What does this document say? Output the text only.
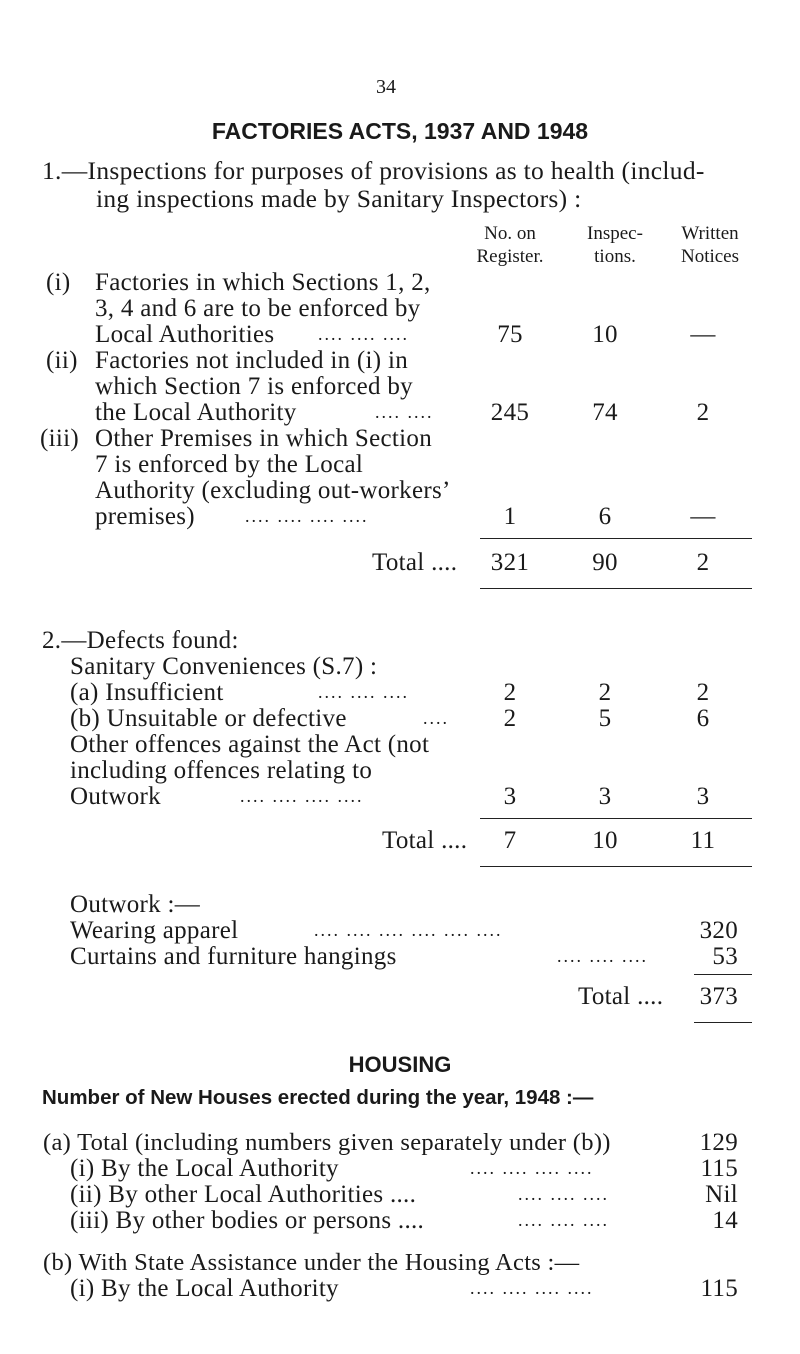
34
FACTORIES ACTS, 1937 AND 1948
1.—Inspections for purposes of provisions as to health (includ-
ing inspections made by Sanitary Inspectors) :
No. on
Register.
Inspec-
tions.
Written
Notices
(i) Factories in which Sections 1, 2,
3, 4 and 6 are to be enforced by
Local Authorities .... .... ....	75	10	—
(ii) Factories not included in (i) in
which Section 7 is enforced by
the Local Authority	.... ....	245	74	2
(iii) Other Premises in which Section
7 is enforced by the Local
Authority (excluding out-workers’
premises)	.... .... .... ....	1	6	—
Total ....	321	90	2
2.—Defects found:
Sanitary Conveniences (S.7) :
(a) Insufficient	.... .... ....	2	2	2
(b) Unsuitable or defective	....	2	5	6
Other offences against the Act (not
including offences relating to
Outwork	.... .... .... ....	3	3	3
Total ....	7	10	11
Outwork :—
Wearing apparel	.... .... .... .... .... ....	320
Curtains and furniture hangings	.... .... ....	53
Total .... 373
HOUSING
Number of New Houses erected during the year, 1948 :—
(a) Total (including numbers given separately under (b))	129
(i) By the Local Authority	.... .... .... ....	115
(ii) By other Local Authorities ....	.... .... ....	Nil
(iii) By other bodies or persons ....	.... .... ....	14
(b) With State Assistance under the Housing Acts :—
(i) By the Local Authority	.... .... .... ....	115
